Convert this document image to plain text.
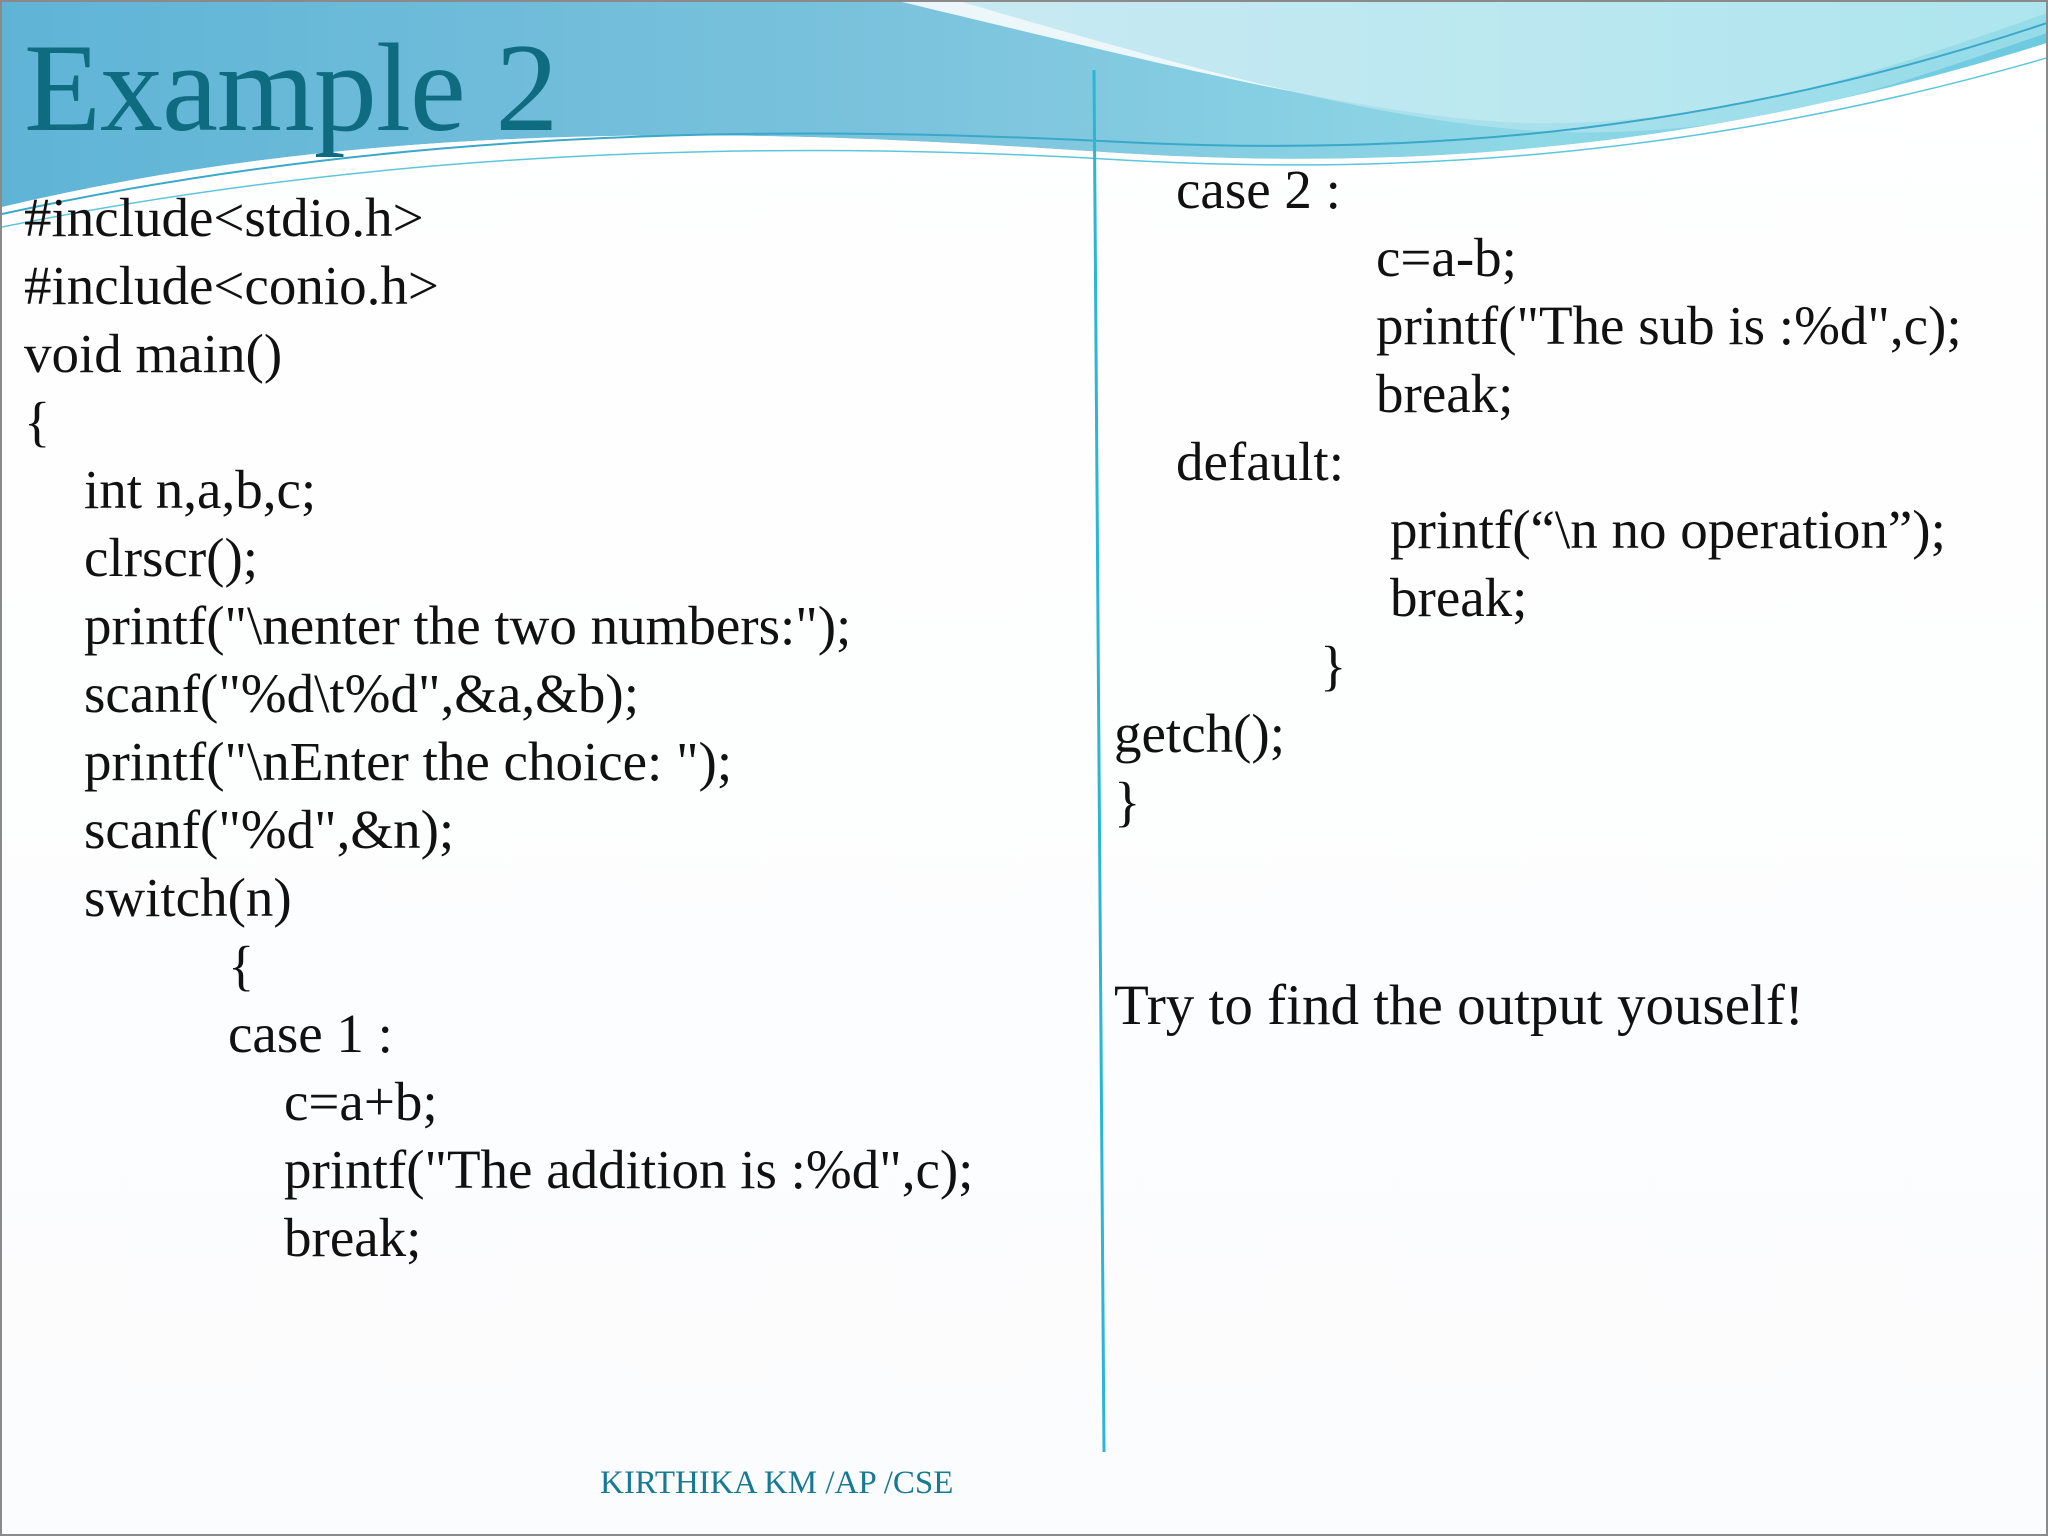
Example 2

#include<stdio.h>

#include<conio.h>

void main()

{

int n,a,b,c;

clrscr();

printf("\nenter the two numbers:");

scanf("%d\t%d",&a,&b);

printf("\nEnter the choice: ");

scanf("%d",&n);

switch(n)

{

case 1 :

c=a+b;

printf("The addition is :%d",c);

break;

case 2 :

c=a-b;

printf("The sub is :%d",c);

break;

default:

printf(“\n no operation”);

break;

}

getch();

}

Try to find the output youself!
KIRTHIKA KM /AP /CSE
